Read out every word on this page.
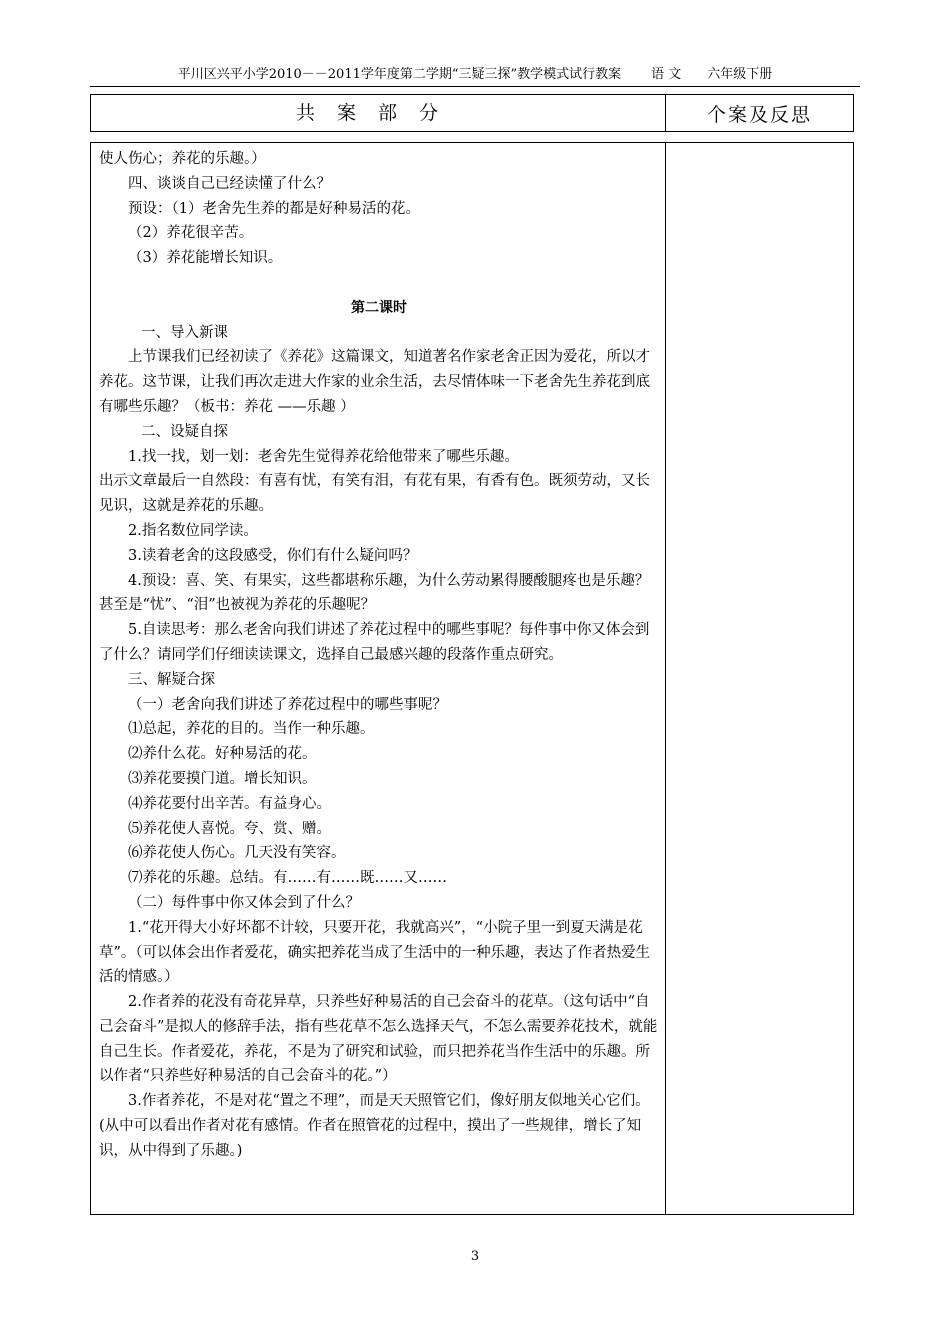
平川区兴平小学2010－－2011学年度第二学期“三疑三探”教学模式试行教案 语 文 六年级下册
共案部分	个案及反思

使人伤心；养花的乐趣。）

四、谈谈自己已经读懂了什么？

预设：（1）老舍先生养的都是好种易活的花。

（2）养花很辛苦。

（3）养花能增长知识。

第二课时

一、导入新课

上节课我们已经初读了《养花》这篇课文，知道著名作家老舍正因为爱花，所以才养花。这节课，让我们再次走进大作家的业余生活，去尽情体味一下老舍先生养花到底有哪些乐趣？（板书：养花 ——乐趣 ）

二、设疑自探

1.找一找，划一划：老舍先生觉得养花给他带来了哪些乐趣。

出示文章最后一自然段：有喜有忧，有笑有泪，有花有果，有香有色。既须劳动，又长见识，这就是养花的乐趣。

2.指名数位同学读。

3.读着老舍的这段感受，你们有什么疑问吗？

4.预设：喜、笑、有果实，这些都堪称乐趣，为什么劳动累得腰酸腿疼也是乐趣？甚至是“忧”、“泪”也被视为养花的乐趣呢？

5.自读思考：那么老舍向我们讲述了养花过程中的哪些事呢？每件事中你又体会到了什么？请同学们仔细读读课文，选择自己最感兴趣的段落作重点研究。

三、解疑合探

（一）老舍向我们讲述了养花过程中的哪些事呢？

⑴总起，养花的目的。当作一种乐趣。

⑵养什么花。好种易活的花。

⑶养花要摸门道。增长知识。

⑷养花要付出辛苦。有益身心。

⑸养花使人喜悦。夸、赏、赠。

⑹养花使人伤心。几天没有笑容。

⑺养花的乐趣。总结。有……有……既……又……

（二）每件事中你又体会到了什么？

1.“花开得大小好坏都不计较，只要开花，我就高兴”，“小院子里一到夏天满是花草”。（可以体会出作者爱花，确实把养花当成了生活中的一种乐趣，表达了作者热爱生活的情感。）

2.作者养的花没有奇花异草，只养些好种易活的自己会奋斗的花草。（这句话中“自己会奋斗”是拟人的修辞手法，指有些花草不怎么选择天气，不怎么需要养花技术，就能自己生长。作者爱花，养花，不是为了研究和试验，而只把养花当作生活中的乐趣。所以作者“只养些好种易活的自己会奋斗的花。”）

3.作者养花，不是对花“置之不理”，而是天天照管它们，像好朋友似地关心它们。(从中可以看出作者对花有感情。作者在照管花的过程中，摸出了一些规律，增长了知识，从中得到了乐趣。)

3
